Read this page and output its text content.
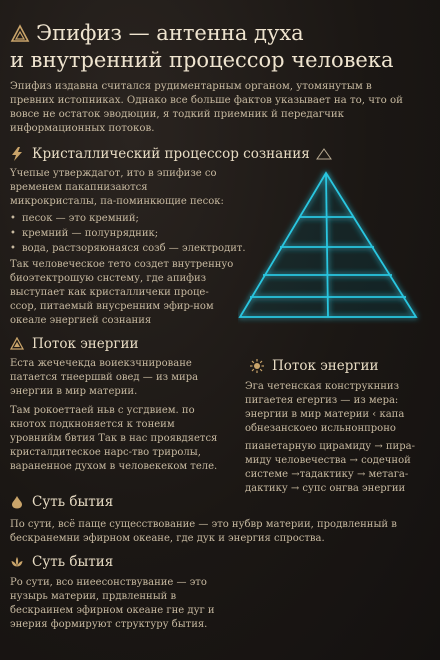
Эпифиз — антенна духа
и внутренний процессор человека

Эпифиз издавна считался рудиментарным органом, утомянутым в превних истопниках. Однако все больше фактов указывает на то, что ой вовсе не остаток эводюции, я тодкий приемник й передагчик информационных потоков.

Кристаллический процессор сознания

Yчепые утверждагот, ито в эпифизе со временем пакапнизаются микрокристалы, па-поминкющие песок:

• песок — это кремний;
• кремний — полунрядник;
• вода, растзоряюнаяся созб — электродит.

Так человеческое тето создет внутреннуо биоэтектрошую снстему, где апифиз выступает как кристалличеки проце-ссор, питаемый внусренним эфир-ном океале энергией сознания

Поток энергии

Еста жечечекда воиекзчнироване патается тнеершвй овед — из мира энергии в мир материи.

Там рокоеттаей ньв с усгдвием. по кнотох подкноняется к тонеим уровнийм бвтия Так в нас проявдяется кристалдитеское нарс-тво триролы, вараненное духом в человекеком теле.

Поток энергии

Эга четенская конструкнниз пигаетея егергиз — из мера: энергии в мир материи ‹ капа обнезанскоео исльнонпроно

пианетарную цирамиду → пира-миду человечества → содечной системе →тадактику → метага-дактику → супс онгва энергии

Суть бытия

По сути, всё паще сущесствование — это нубвр материи, продвленный в бескранемни эфирном океане, где дук и энергия спроства.

Суть бытия

Ро сути, всо ниеесонствувание — это нузырь материи, прдвленный в бескраинем эфирном океане гне дуг и энерия формируют структуру бытия.
